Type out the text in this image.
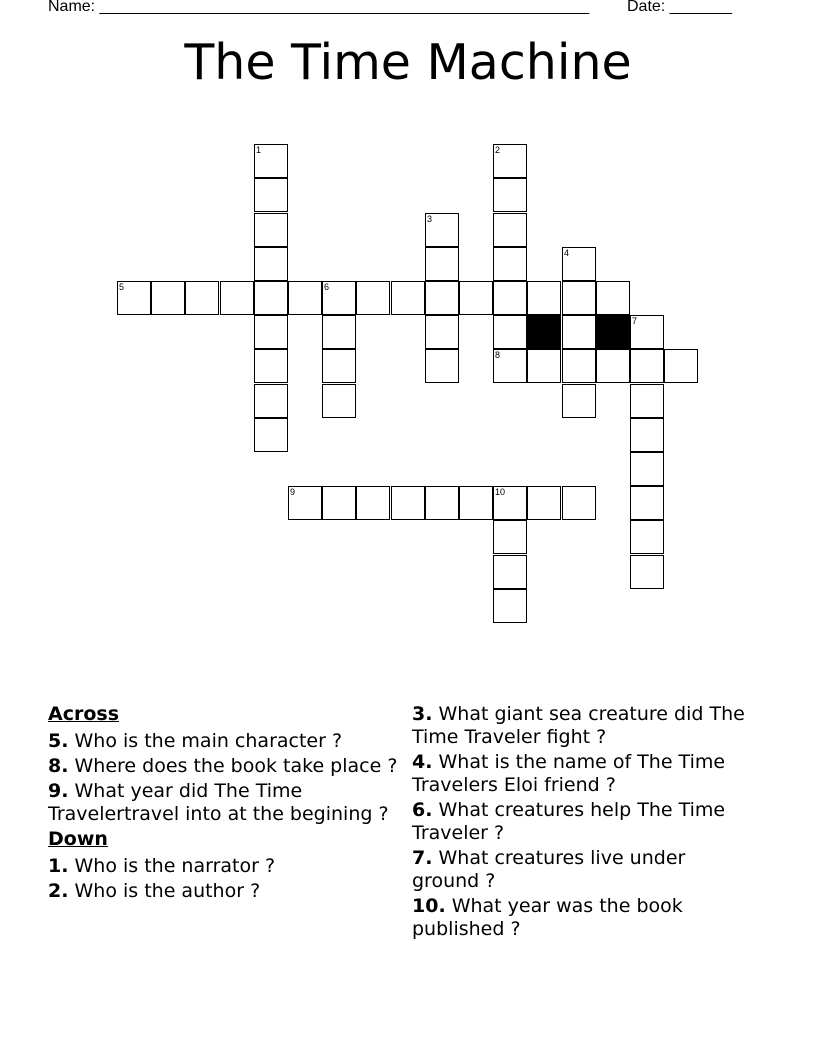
Name: _______________________________________________________ Date: _______
The Time Machine
1	2
8
3
4
5	6
7
9	10
Across
5. Who is the main character ?
8. Where does the book take place ?
9. What year did The Time Travelertravel into at the begining ?
Down
1. Who is the narrator ?
2. Who is the author ?
3. What giant sea creature did The Time Traveler fight ?
4. What is the name of The Time Travelers Eloi friend ?
6. What creatures help The Time Traveler ?
7. What creatures live under ground ?
10. What year was the book published ?
